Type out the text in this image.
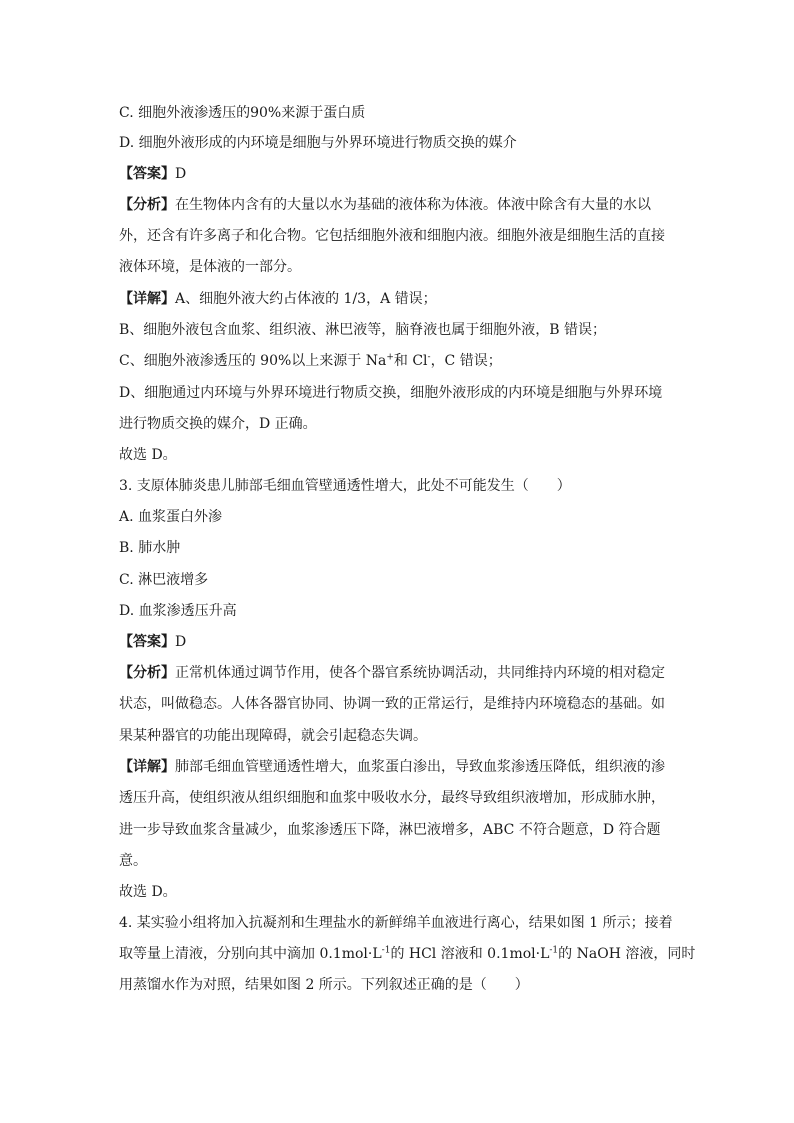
C. 细胞外液渗透压的90%来源于蛋白质
D. 细胞外液形成的内环境是细胞与外界环境进行物质交换的媒介
【答案】D
【分析】在生物体内含有的大量以水为基础的液体称为体液。体液中除含有大量的水以
外，还含有许多离子和化合物。它包括细胞外液和细胞内液。细胞外液是细胞生活的直接
液体环境，是体液的一部分。
【详解】A、细胞外液大约占体液的 1/3，A 错误；
B、细胞外液包含血浆、组织液、淋巴液等，脑脊液也属于细胞外液，B 错误；
C、细胞外液渗透压的 90%以上来源于 Na+和 Cl-，C 错误；
D、细胞通过内环境与外界环境进行物质交换，细胞外液形成的内环境是细胞与外界环境
进行物质交换的媒介，D 正确。
故选 D。
3. 支原体肺炎患儿肺部毛细血管壁通透性增大，此处不可能发生（　　）
A. 血浆蛋白外渗
B. 肺水肿
C. 淋巴液增多
D. 血浆渗透压升高
【答案】D
【分析】正常机体通过调节作用，使各个器官系统协调活动，共同维持内环境的相对稳定
状态，叫做稳态。人体各器官协同、协调一致的正常运行，是维持内环境稳态的基础。如
果某种器官的功能出现障碍，就会引起稳态失调。
【详解】肺部毛细血管壁通透性增大，血浆蛋白渗出，导致血浆渗透压降低，组织液的渗
透压升高，使组织液从组织细胞和血浆中吸收水分，最终导致组织液增加，形成肺水肿，
进一步导致血浆含量减少，血浆渗透压下降，淋巴液增多，ABC 不符合题意，D 符合题
意。
故选 D。
4. 某实验小组将加入抗凝剂和生理盐水的新鲜绵羊血液进行离心，结果如图 1 所示；接着
取等量上清液，分别向其中滴加 $0.1mol\cdot L^{-1}$的 HCl 溶液和 $0.1mol\cdot L^{-1}$的 NaOH 溶液，同时
用蒸馏水作为对照，结果如图 2 所示。下列叙述正确的是（　　）
